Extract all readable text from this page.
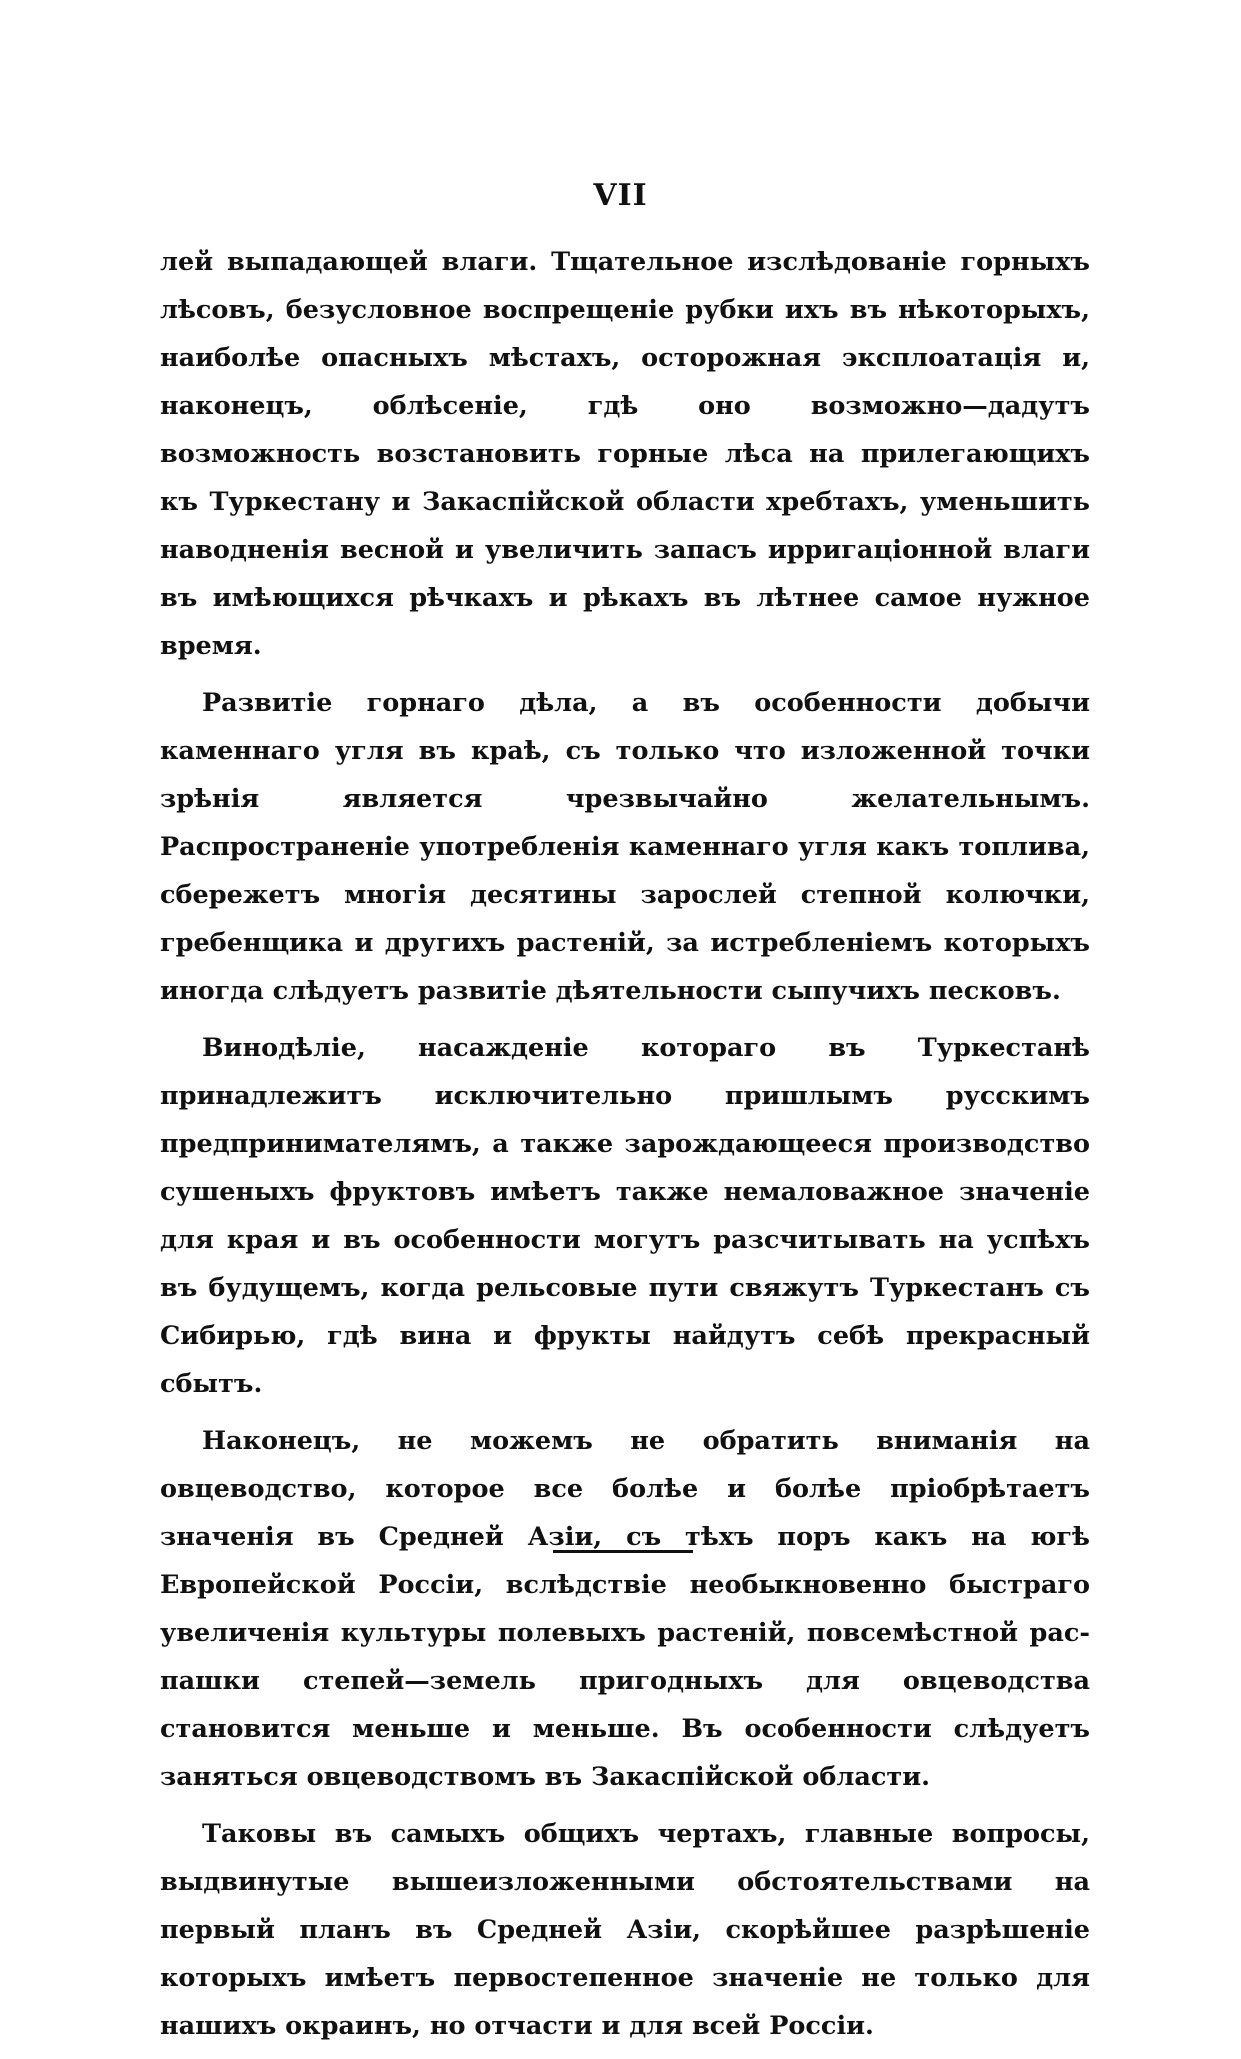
VII

лей выпадающей влаги. Тщательное изслѣдованіе горныхъ лѣсовъ, безусловное воспрещеніе рубки ихъ въ нѣкоторыхъ, наиболѣе опасныхъ мѣстахъ, осторожная эксплоатація и, наконецъ, облѣсеніе, гдѣ оно возможно—дадутъ возможность возстановить горные лѣса на прилегающихъ къ Туркестану и Закаспійской области хребтахъ, уменьшить наводненія весной и увеличить запасъ ирригаціонной влаги въ имѣющихся рѣчкахъ и рѣкахъ въ лѣтнее самое нужное время.

Развитіе горнаго дѣла, а въ особенности добычи каменнаго угля въ краѣ, съ только что изложенной точки зрѣнія является чрезвычайно желательнымъ. Распространеніе употребленія каменнаго угля какъ топлива, сбережетъ многія десятины зарослей степной колючки, гребенщика и другихъ растеній, за истребленіемъ которыхъ иногда слѣдуетъ развитіе дѣятельности сыпучихъ песковъ.

Винодѣліе, насажденіе котораго въ Туркестанѣ принадлежитъ исключительно пришлымъ русскимъ предпринимателямъ, а также зарождающееся производство сушеныхъ фруктовъ имѣетъ также немаловажное значеніе для края и въ особенности могутъ разсчитывать на успѣхъ въ будущемъ, когда рельсовые пути свяжутъ Туркестанъ съ Сибирью, гдѣ вина и фрукты найдутъ себѣ прекрасный сбытъ.

Наконецъ, не можемъ не обратить вниманія на овцеводство, которое все болѣе и болѣе пріобрѣтаетъ значенія въ Средней Азіи, съ тѣхъ поръ какъ на югѣ Европейской Россіи, вслѣдствіе необыкновенно быстраго увеличенія культуры полевыхъ растеній, повсемѣстной распашки степей—земель пригодныхъ для овцеводства становится меньше и меньше. Въ особенности слѣдуетъ заняться овцеводствомъ въ Закаспійской области.

Таковы въ самыхъ общихъ чертахъ, главные вопросы, выдвинутые вышеизложенными обстоятельствами на первый планъ въ Средней Азіи, скорѣйшее разрѣшеніе которыхъ имѣетъ первостепенное значеніе не только для нашихъ окраинъ, но отчасти и для всей Россіи.
